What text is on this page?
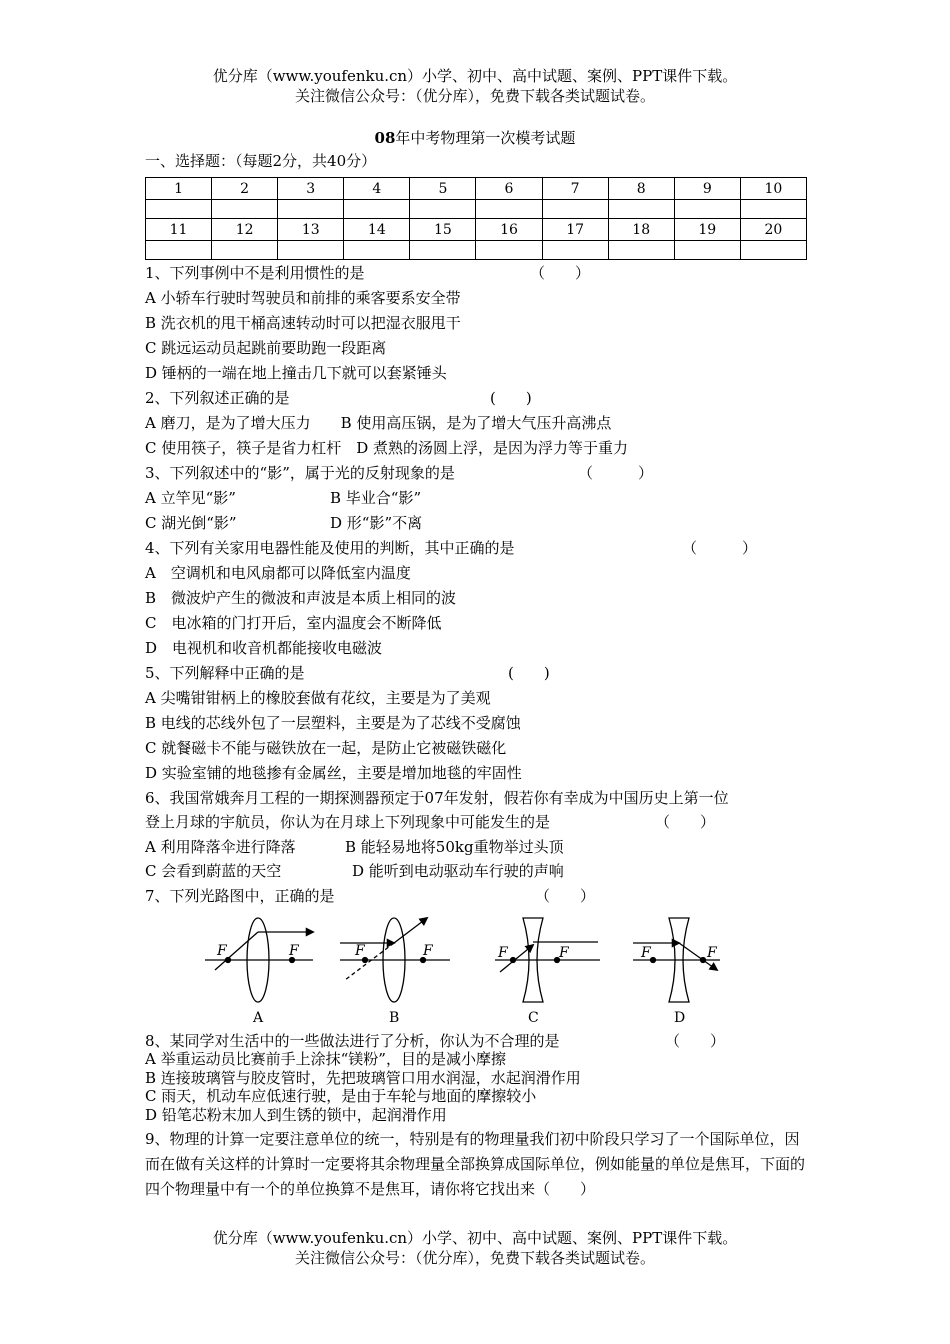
优分库（www.youfenku.cn）小学、初中、高中试题、案例、PPT课件下载。
关注微信公众号：（优分库），免费下载各类试题试卷。
08年中考物理第一次模考试题
一、选择题：（每题2分，共40分）
1	2	3	4	5	6	7	8	9	10

11	12	13	14	15	16	17	18	19	20

1、下列事例中不是利用惯性的是	（　　）
A 小轿车行驶时驾驶员和前排的乘客要系安全带
B 洗衣机的甩干桶高速转动时可以把湿衣服甩干
C 跳远运动员起跳前要助跑一段距离
D 锤柄的一端在地上撞击几下就可以套紧锤头
2、下列叙述正确的是	(　　)
A 磨刀，是为了增大压力　　B 使用高压锅，是为了增大气压升高沸点
C 使用筷子，筷子是省力杠杆　D 煮熟的汤圆上浮，是因为浮力等于重力
3、下列叙述中的“影”，属于光的反射现象的是	（　　　）
A 立竿见“影”	B 毕业合“影”
C 湖光倒“影”	D 形“影”不离
4、下列有关家用电器性能及使用的判断，其中正确的是	（　　　）
A　空调机和电风扇都可以降低室内温度
B　微波炉产生的微波和声波是本质上相同的波
C　电冰箱的门打开后，室内温度会不断降低
D　电视机和收音机都能接收电磁波
5、下列解释中正确的是	(　　)
A 尖嘴钳钳柄上的橡胶套做有花纹，主要是为了美观
B 电线的芯线外包了一层塑料，主要是为了芯线不受腐蚀
C 就餐磁卡不能与磁铁放在一起，是防止它被磁铁磁化
D 实验室铺的地毯掺有金属丝，主要是增加地毯的牢固性
6、我国常娥奔月工程的一期探测器预定于07年发射，假若你有幸成为中国历史上第一位
登上月球的宇航员，你认为在月球上下列现象中可能发生的是	（　　）
A 利用降落伞进行降落	B 能轻易地将50kg重物举过头顶
C 会看到蔚蓝的天空	D 能听到电动驱动车行驶的声响
7、下列光路图中，正确的是	（　　）
F	F	F	F	F	F	F	F
A	B	C	D
8、某同学对生活中的一些做法进行了分析，你认为不合理的是	（　　）
A 举重运动员比赛前手上涂抹“镁粉”，目的是减小摩擦
B 连接玻璃管与胶皮管时，先把玻璃管口用水润湿，水起润滑作用
C 雨天，机动车应低速行驶，是由于车轮与地面的摩擦较小
D 铅笔芯粉末加人到生锈的锁中，起润滑作用
9、物理的计算一定要注意单位的统一，特别是有的物理量我们初中阶段只学习了一个国际单位，因而在做有关这样的计算时一定要将其余物理量全部换算成国际单位，例如能量的单位是焦耳，下面的四个物理量中有一个的单位换算不是焦耳，请你将它找出来（　　）
优分库（www.youfenku.cn）小学、初中、高中试题、案例、PPT课件下载。
关注微信公众号：（优分库），免费下载各类试题试卷。
